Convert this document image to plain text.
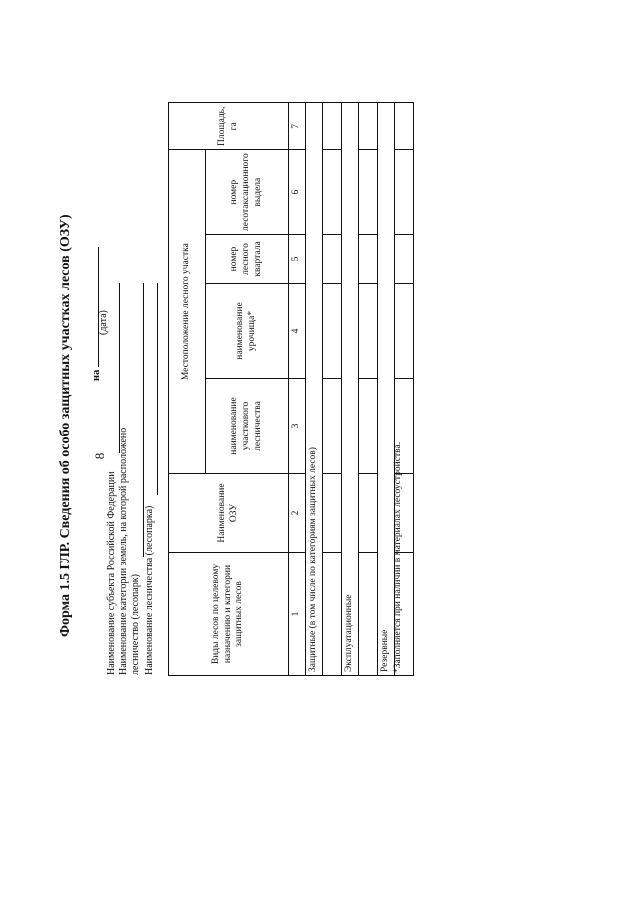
8
Форма 1.5 ГЛР. Сведения об особо защитных участках лесов (ОЗУ) на
(дата)
Наименование субъекта Российской Федерации Наименование категории земель, на которой расположено лесничество (лесопарк) Наименование лесничества (лесопарка)	Виды лесов по целевому назначению и категории защитных лесов	Наименование ОЗУ	Местоположение лесного участка				Площадь, га
		наименование участкового лесничества	наименование урочища*	номер лесного квартала	номер лесотаксационного выдела	
1	2	3	4	5	6	7
Защитные (в том числе по категориям защитных лесов)						

Эксплуатационные						

Резервные						
						*Заполняется при наличии в материалах лесоустройства.
